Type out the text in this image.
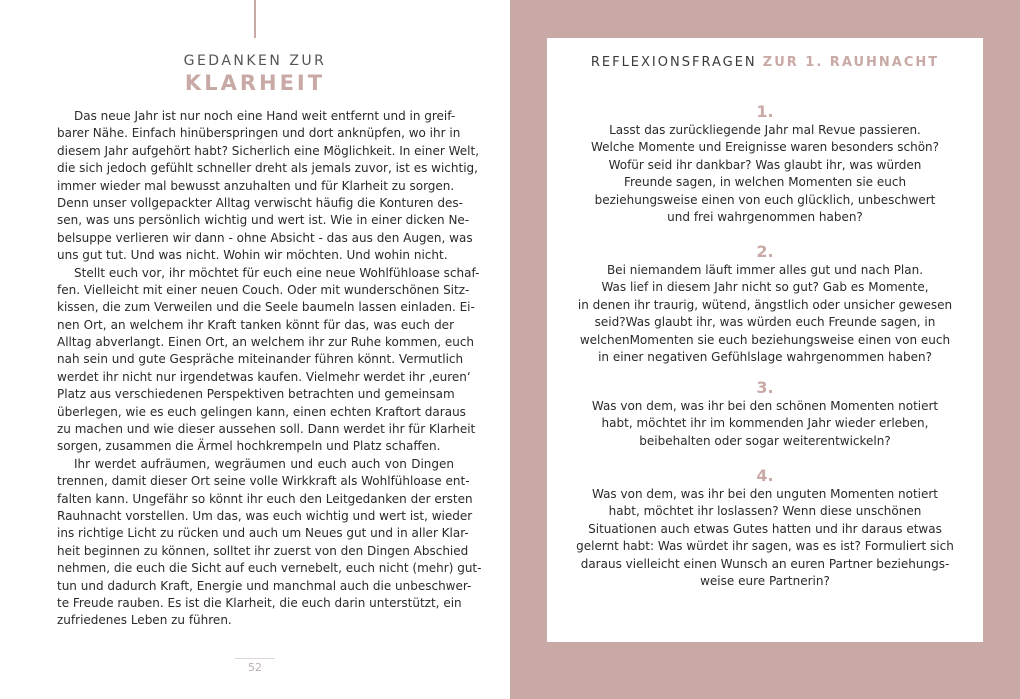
GEDANKEN ZUR
KLARHEIT
Das neue Jahr ist nur noch eine Hand weit entfernt und in greif-
barer Nähe. Einfach hinüberspringen und dort anknüpfen, wo ihr in
diesem Jahr aufgehört habt? Sicherlich eine Möglichkeit. In einer Welt,
die sich jedoch gefühlt schneller dreht als jemals zuvor, ist es wichtig,
immer wieder mal bewusst anzuhalten und für Klarheit zu sorgen.
Denn unser vollgepackter Alltag verwischt häufig die Konturen des-
sen, was uns persönlich wichtig und wert ist. Wie in einer dicken Ne-
belsuppe verlieren wir dann - ohne Absicht - das aus den Augen, was
uns gut tut. Und was nicht. Wohin wir möchten. Und wohin nicht.
Stellt euch vor, ihr möchtet für euch eine neue Wohlfühloase schaf-
fen. Vielleicht mit einer neuen Couch. Oder mit wunderschönen Sitz-
kissen, die zum Verweilen und die Seele baumeln lassen einladen. Ei-
nen Ort, an welchem ihr Kraft tanken könnt für das, was euch der
Alltag abverlangt. Einen Ort, an welchem ihr zur Ruhe kommen, euch
nah sein und gute Gespräche miteinander führen könnt. Vermutlich
werdet ihr nicht nur irgendetwas kaufen. Vielmehr werdet ihr ‚euren‘
Platz aus verschiedenen Perspektiven betrachten und gemeinsam
überlegen, wie es euch gelingen kann, einen echten Kraftort daraus
zu machen und wie dieser aussehen soll. Dann werdet ihr für Klarheit
sorgen, zusammen die Ärmel hochkrempeln und Platz schaffen.
Ihr werdet aufräumen, wegräumen und euch auch von Dingen
trennen, damit dieser Ort seine volle Wirkkraft als Wohlfühloase ent-
falten kann. Ungefähr so könnt ihr euch den Leitgedanken der ersten
Rauhnacht vorstellen. Um das, was euch wichtig und wert ist, wieder
ins richtige Licht zu rücken und auch um Neues gut und in aller Klar-
heit beginnen zu können, solltet ihr zuerst von den Dingen Abschied
nehmen, die euch die Sicht auf euch vernebelt, euch nicht (mehr) gut-
tun und dadurch Kraft, Energie und manchmal auch die unbeschwer-
te Freude rauben. Es ist die Klarheit, die euch darin unterstützt, ein
zufriedenes Leben zu führen.
52
REFLEXIONSFRAGEN ZUR 1. RAUHNACHT
1.
Lasst das zurückliegende Jahr mal Revue passieren.
Welche Momente und Ereignisse waren besonders schön?
Wofür seid ihr dankbar? Was glaubt ihr, was würden
Freunde sagen, in welchen Momenten sie euch
beziehungsweise einen von euch glücklich, unbeschwert
und frei wahrgenommen haben?
2.
Bei niemandem läuft immer alles gut und nach Plan.
Was lief in diesem Jahr nicht so gut? Gab es Momente,
in denen ihr traurig, wütend, ängstlich oder unsicher gewesen
seid?Was glaubt ihr, was würden euch Freunde sagen, in
welchenMomenten sie euch beziehungsweise einen von euch
in einer negativen Gefühlslage wahrgenommen haben?
3.
Was von dem, was ihr bei den schönen Momenten notiert
habt, möchtet ihr im kommenden Jahr wieder erleben,
beibehalten oder sogar weiterentwickeln?
4.
Was von dem, was ihr bei den unguten Momenten notiert
habt, möchtet ihr loslassen? Wenn diese unschönen
Situationen auch etwas Gutes hatten und ihr daraus etwas
gelernt habt: Was würdet ihr sagen, was es ist? Formuliert sich
daraus vielleicht einen Wunsch an euren Partner beziehungs-
weise eure Partnerin?
